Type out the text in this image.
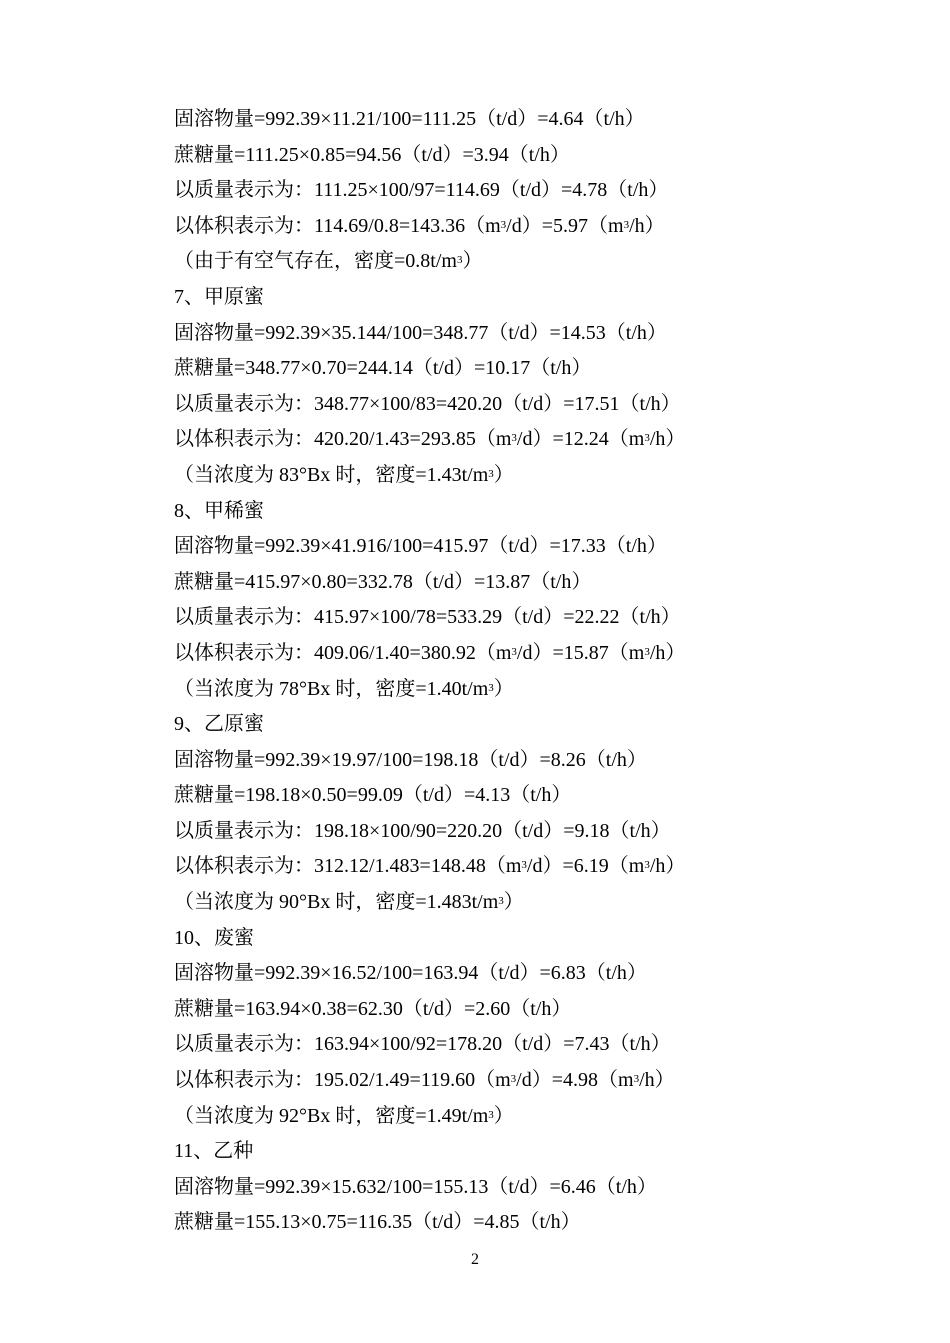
固溶物量=992.39×11.21/100=111.25（t/d）=4.64（t/h）
蔗糖量=111.25×0.85=94.56（t/d）=3.94（t/h）
以质量表示为：111.25×100/97=114.69（t/d）=4.78（t/h）
以体积表示为：$114.69/0.8=143.36(m^3/d)=5.97(m^3/h)$
（由于有空气存在，密度$=0.8t/m^3$）
7、甲原蜜
固溶物量=992.39×35.144/100=348.77（t/d）=14.53（t/h）
蔗糖量=348.77×0.70=244.14（t/d）=10.17（t/h）
以质量表示为：348.77×100/83=420.20（t/d）=17.51（t/h）
以体积表示为：$420.20/1.43=293.85(m^3/d)=12.24(m^3/h)$
（当浓度为 83°Bx 时，密度$=1.43t/m^3$）
8、甲稀蜜
固溶物量=992.39×41.916/100=415.97（t/d）=17.33（t/h）
蔗糖量=415.97×0.80=332.78（t/d）=13.87（t/h）
以质量表示为：415.97×100/78=533.29（t/d）=22.22（t/h）
以体积表示为：$409.06/1.40=380.92(m^3/d)=15.87(m^3/h)$
（当浓度为 78°Bx 时，密度$=1.40t/m^3$）
9、乙原蜜
固溶物量=992.39×19.97/100=198.18（t/d）=8.26（t/h）
蔗糖量=198.18×0.50=99.09（t/d）=4.13（t/h）
以质量表示为：198.18×100/90=220.20（t/d）=9.18（t/h）
以体积表示为：$312.12/1.483=148.48(m^3/d)=6.19(m^3/h)$
（当浓度为 90°Bx 时，密度$=1.483t/m^3$）
10、废蜜
固溶物量=992.39×16.52/100=163.94（t/d）=6.83（t/h）
蔗糖量=163.94×0.38=62.30（t/d）=2.60（t/h）
以质量表示为：163.94×100/92=178.20（t/d）=7.43（t/h）
以体积表示为：$195.02/1.49=119.60(m^3/d)=4.98(m^3/h)$
（当浓度为 92°Bx 时，密度$=1.49t/m^3$）
11、乙种
固溶物量=992.39×15.632/100=155.13（t/d）=6.46（t/h）
蔗糖量=155.13×0.75=116.35（t/d）=4.85（t/h）
2
